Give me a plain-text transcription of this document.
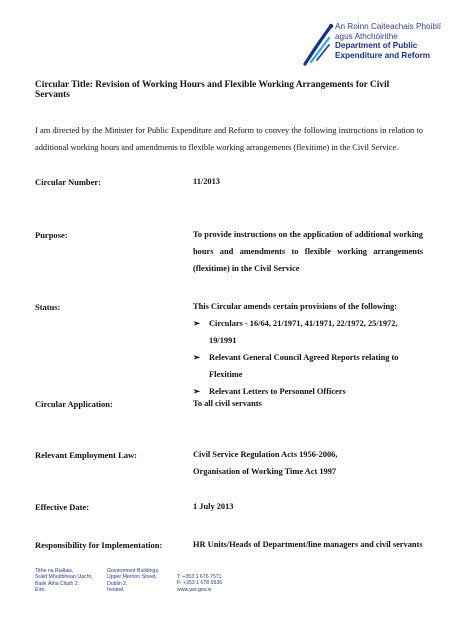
An Roinn Caiteachais Phoiblí
agus Athchóirithe
Department of Public
Expenditure and Reform
Circular Title: Revision of Working Hours and Flexible Working Arrangements for Civil Servants
I am directed by the Minister for Public Expenditure and Reform to convey the following instructions in relation to additional working hours and amendments to flexible working arrangements (flexitime) in the Civil Service.
Circular Number:	11/2013
Purpose:	To provide instructions on the application of additional working hours and amendments to flexible working arrangements (flexitime) in the Civil Service
Status:	This Circular amends certain provisions of the following:
➢ Circulars - 16/64, 21/1971, 41/1971, 22/1972, 25/1972, 19/1991
➢ Relevant General Council Agreed Reports relating to Flexitime
➢ Relevant Letters to Personnel Officers
Circular Application:	To all civil servants
Relevant Employment Law:	Civil Service Regulation Acts 1956-2006,
Organisation of Working Time Act 1997
Effective Date:	1 July 2013
Responsibility for Implementation:	HR Units/Heads of Department/line managers and civil servants
Tithe na Rialtais,
Sráid Mhuirbhean Uacht,
Baile Átha Cliath 2,
Éire.
Government Buildings,
Upper Merrion Street,
Dublin 2,
Ireland.
T: +353 1 676 7571
F: +353 1 678 9936
www.per.gov.ie
